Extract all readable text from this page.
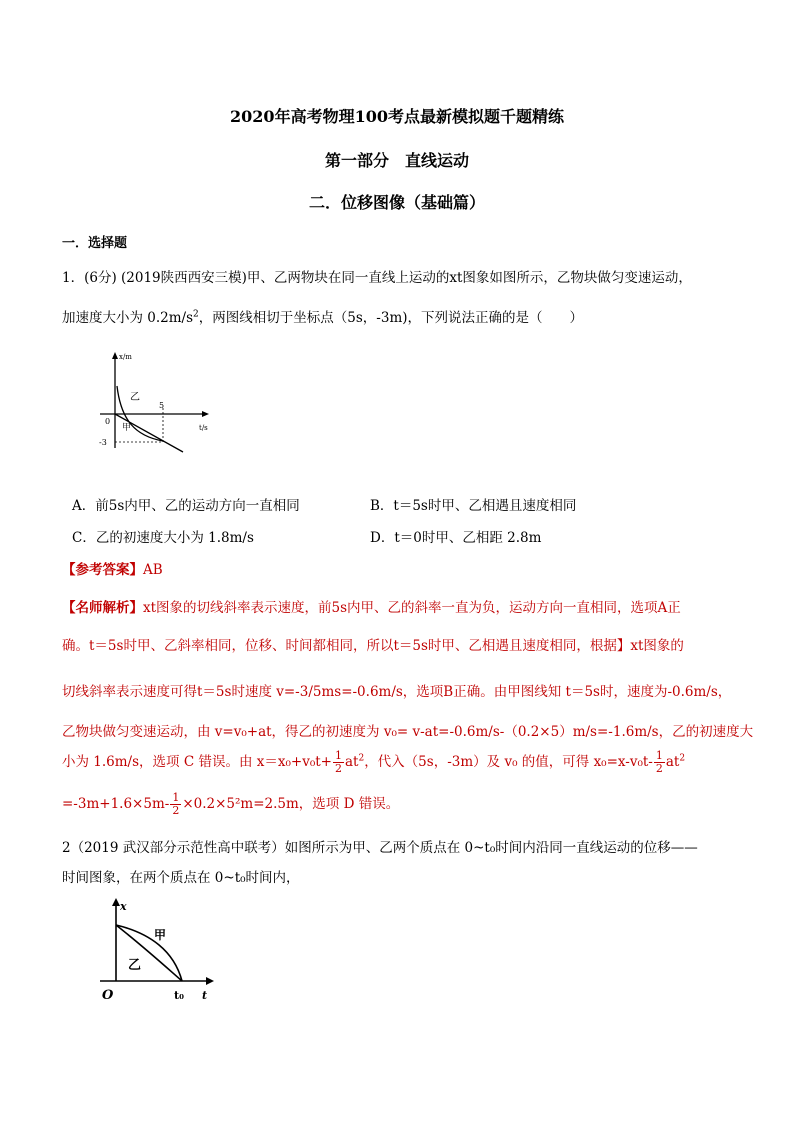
2020年高考物理100考点最新模拟题千题精练
第一部分　直线运动
二．位移图像（基础篇）
一．选择题
1．(6分) (2019陕西西安三模)甲、乙两物块在同一直线上运动的xt图象如图所示，乙物块做匀变速运动，
加速度大小为 $0.2m/s^2$，两图线相切于坐标点（5s，-3m)，下列说法正确的是（　　）
x/m
t/s
0
5
-3
甲
乙
A．前5s内甲、乙的运动方向一直相同	B．t＝5s时甲、乙相遇且速度相同
C．乙的初速度大小为 1.8m/s	D．t＝0时甲、乙相距 2.8m
【参考答案】AB
【名师解析】xt图象的切线斜率表示速度，前5s内甲、乙的斜率一直为负，运动方向一直相同，选项A正
确。t＝5s时甲、乙斜率相同，位移、时间都相同，所以t＝5s时甲、乙相遇且速度相同，根据】xt图象的
切线斜率表示速度可得t＝5s时速度 v=-3/5ms=-0.6m/s，选项B正确。由甲图线知 t＝5s时，速度为-0.6m/s，
乙物块做匀变速运动，由 v=v₀+at，得乙的初速度为 v₀= v-at=-0.6m/s-（0.2×5）m/s=-1.6m/s，乙的初速度大
小为 1.6m/s，选项 C 错误。由 $x=x_0+v_0t+ \frac{1}{2} at^2$，代入（5s，-3m）及 v₀ 的值，可得 $x_0=x-v_0t- \frac{1}{2} at^2$
$=-3m+1.6\times 5m- \frac{1}{2} \times 0.2\times 5^2m=2.5m$，选项 D 错误。
2（2019 武汉部分示范性高中联考）如图所示为甲、乙两个质点在 0~t₀时间内沿同一直线运动的位移——
时间图象，在两个质点在 0~t₀时间内，
x
t
O	t₀
甲
乙
